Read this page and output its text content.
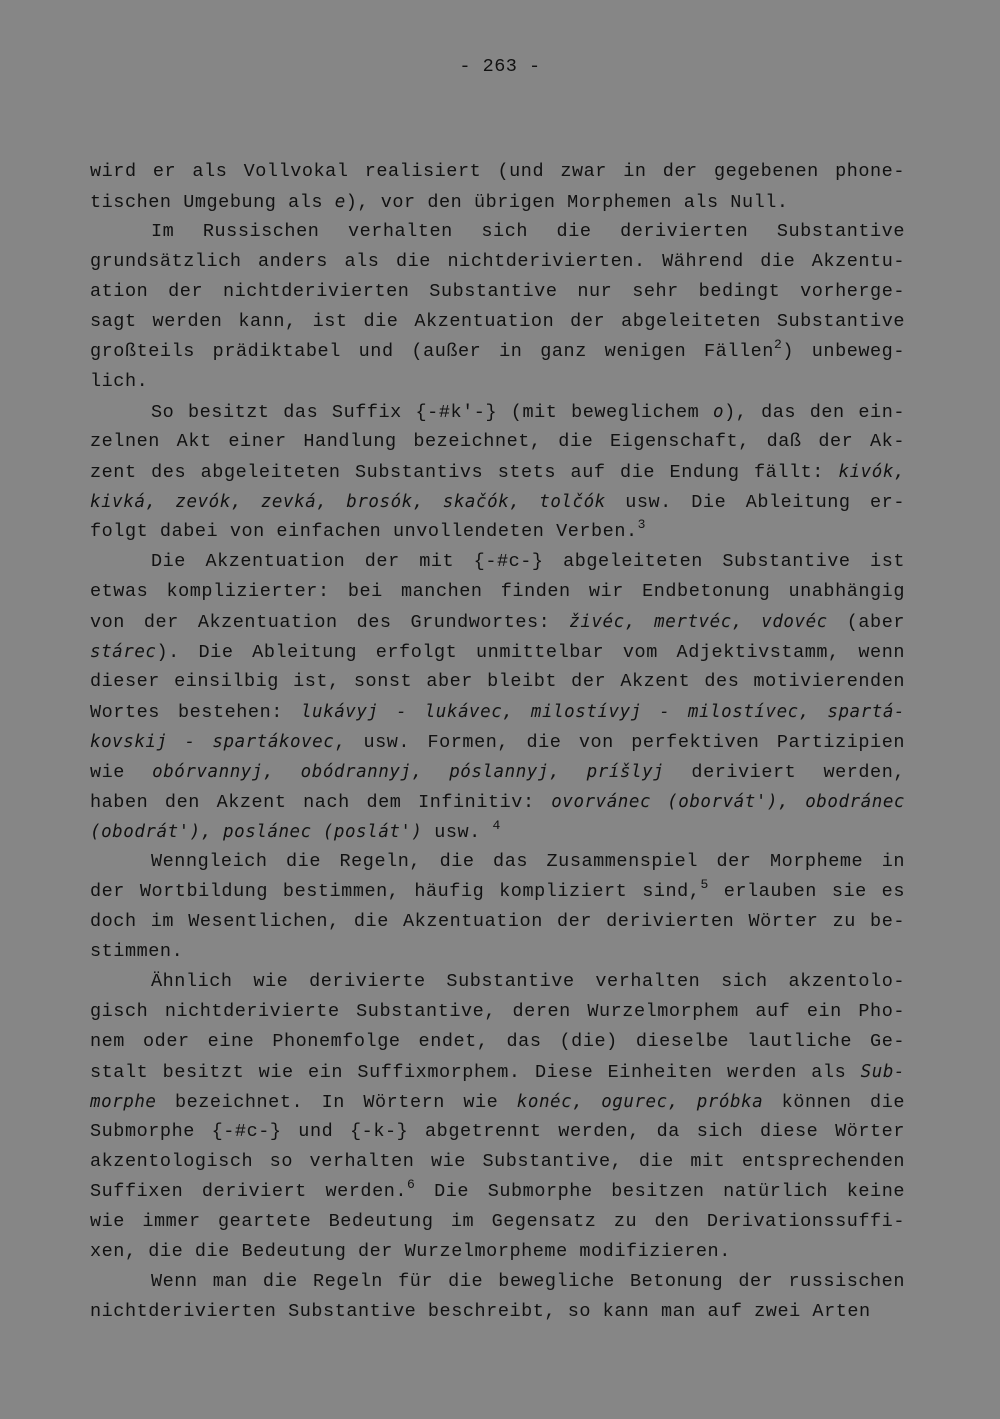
- 263 -
wird er als Vollvokal realisiert (und zwar in der gegebenen phone-
tischen Umgebung als e), vor den übrigen Morphemen als Null.
Im Russischen verhalten sich die derivierten Substantive
grundsätzlich anders als die nichtderivierten. Während die Akzentu-
ation der nichtderivierten Substantive nur sehr bedingt vorherge-
sagt werden kann, ist die Akzentuation der abgeleiteten Substantive
großteils prädiktabel und (außer in ganz wenigen Fällen$^2$) unbeweg-
lich.
So besitzt das Suffix {-#k'-} (mit beweglichem o), das den ein-
zelnen Akt einer Handlung bezeichnet, die Eigenschaft, daß der Ak-
zent des abgeleiteten Substantivs stets auf die Endung fällt: kivók,
kivká, zevók, zevká, brosók, skačók, tolčók usw. Die Ableitung er-
folgt dabei von einfachen unvollendeten Verben.$^3$
Die Akzentuation der mit {-#c-} abgeleiteten Substantive ist
etwas komplizierter: bei manchen finden wir Endbetonung unabhängig
von der Akzentuation des Grundwortes: živéc, mertvéc, vdovéc (aber
stárec). Die Ableitung erfolgt unmittelbar vom Adjektivstamm, wenn
dieser einsilbig ist, sonst aber bleibt der Akzent des motivierenden
Wortes bestehen: lukávyj - lukávec, milostívyj - milostívec, spartá-
kovskij - spartákovec, usw. Formen, die von perfektiven Partizipien
wie obórvannyj, obódrannyj, póslannyj, príšlyj deriviert werden,
haben den Akzent nach dem Infinitiv: ovorvánec (oborvát'), obodránec
(obodrát'), poslánec (poslát') usw. $^4$
Wenngleich die Regeln, die das Zusammenspiel der Morpheme in
der Wortbildung bestimmen, häufig kompliziert sind,$^5$ erlauben sie es
doch im Wesentlichen, die Akzentuation der derivierten Wörter zu be-
stimmen.
Ähnlich wie derivierte Substantive verhalten sich akzentolo-
gisch nichtderivierte Substantive, deren Wurzelmorphem auf ein Pho-
nem oder eine Phonemfolge endet, das (die) dieselbe lautliche Ge-
stalt besitzt wie ein Suffixmorphem. Diese Einheiten werden als Sub-
morphe bezeichnet. In Wörtern wie konéc, ogurec, próbka können die
Submorphe {-#c-} und {-k-} abgetrennt werden, da sich diese Wörter
akzentologisch so verhalten wie Substantive, die mit entsprechenden
Suffixen deriviert werden.$^6$ Die Submorphe besitzen natürlich keine
wie immer geartete Bedeutung im Gegensatz zu den Derivationssuffi-
xen, die die Bedeutung der Wurzelmorpheme modifizieren.
Wenn man die Regeln für die bewegliche Betonung der russischen
nichtderivierten Substantive beschreibt, so kann man auf zwei Arten
